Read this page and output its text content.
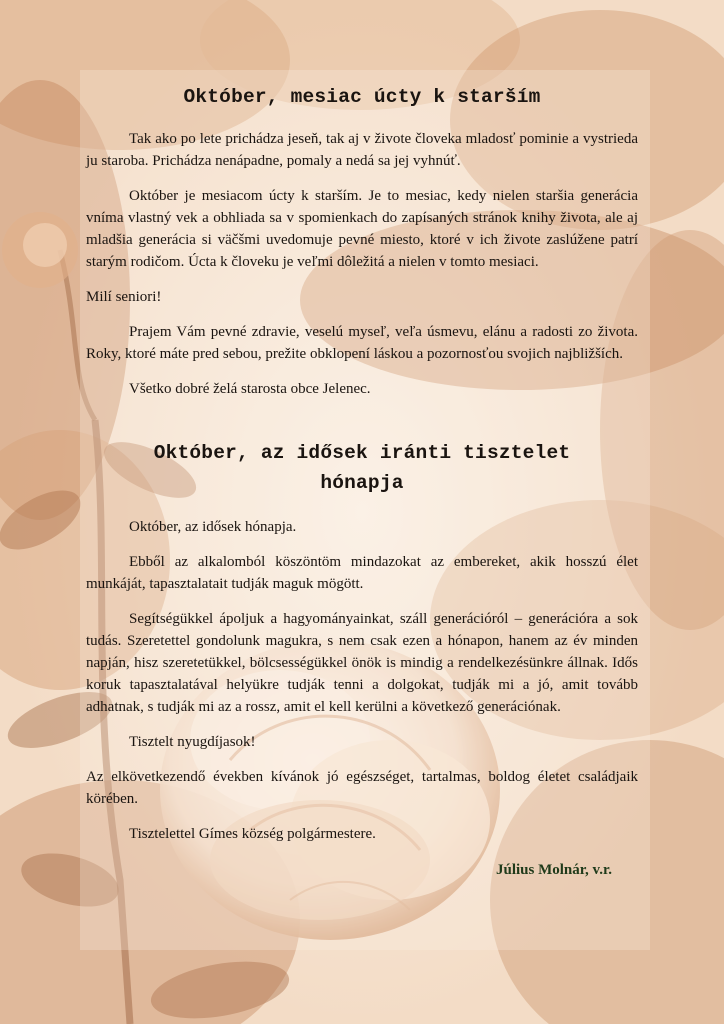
Október, mesiac úcty k starším

Tak ako po lete prichádza jeseň, tak aj v živote človeka mladosť pominie a vystrieda ju staroba. Prichádza nenápadne, pomaly a nedá sa jej vyhnúť.

Október je mesiacom úcty k starším. Je to mesiac, kedy nielen staršia generácia vníma vlastný vek a obhliada sa v spomienkach do zapísaných stránok knihy života, ale aj mladšia generácia si väčšmi uvedomuje pevné miesto, ktoré v ich živote zaslúžene patrí starým rodičom. Úcta k človeku je veľmi dôležitá a nielen v tomto mesiaci.

Milí seniori!

Prajem Vám pevné zdravie, veselú myseľ, veľa úsmevu, elánu a radosti zo života. Roky, ktoré máte pred sebou, prežite obklopení láskou a pozornosťou svojich najbližších.

Všetko dobré želá starosta obce Jelenec.

Október, az idősek iránti tisztelet
hónapja

Október, az idősek hónapja.

Ebből az alkalomból köszöntöm mindazokat az embereket, akik hosszú élet munkáját, tapasztalatait tudják maguk mögött.

Segítségükkel ápoljuk a hagyományainkat, száll generációról – generációra a sok tudás. Szeretettel gondolunk magukra, s nem csak ezen a hónapon, hanem az év minden napján, hisz szeretetükkel, bölcsességükkel önök is mindig a rendelkezésünkre állnak. Idős koruk tapasztalatával helyükre tudják tenni a dolgokat, tudják mi a jó, amit tovább adhatnak, s tudják mi az a rossz, amit el kell kerülni a következő generációnak.

Tisztelt nyugdíjasok!

Az elkövetkezendő években kívánok jó egészséget, tartalmas, boldog életet családjaik körében.

Tisztelettel Gímes község polgármestere.

Július Molnár, v.r.
